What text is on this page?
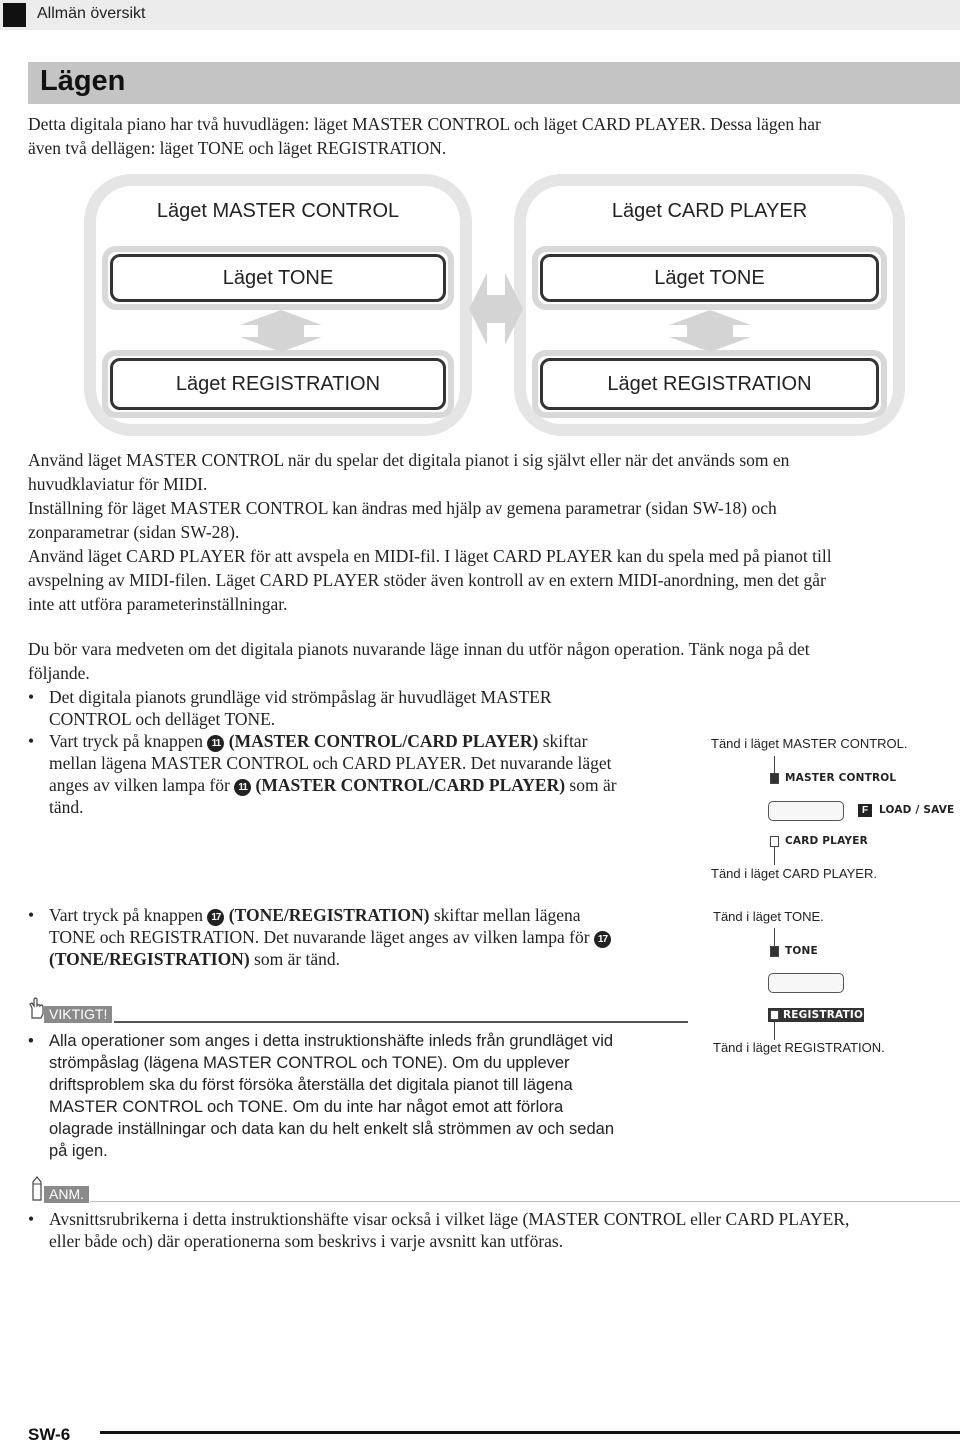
Allmän översikt
Lägen
Detta digitala piano har två huvudlägen: läget MASTER CONTROL och läget CARD PLAYER. Dessa lägen har
även två dellägen: läget TONE och läget REGISTRATION.
Läget MASTER CONTROL	Läget CARD PLAYER
Läget TONE
Läget REGISTRATION
Läget TONE
Läget REGISTRATION
Använd läget MASTER CONTROL när du spelar det digitala pianot i sig självt eller när det används som en
huvudklaviatur för MIDI.
Inställning för läget MASTER CONTROL kan ändras med hjälp av gemena parametrar (sidan SW-18) och
zonparametrar (sidan SW-28).
Använd läget CARD PLAYER för att avspela en MIDI-fil. I läget CARD PLAYER kan du spela med på pianot till
avspelning av MIDI-filen. Läget CARD PLAYER stöder även kontroll av en extern MIDI-anordning, men det går
inte att utföra parameterinställningar.
Du bör vara medveten om det digitala pianots nuvarande läge innan du utför någon operation. Tänk noga på det
följande.
• Det digitala pianots grundläge vid strömpåslag är huvudläget MASTER
CONTROL och delläget TONE.
• Vart tryck på knappen 11 (MASTER CONTROL/CARD PLAYER) skiftar
mellan lägena MASTER CONTROL och CARD PLAYER. Det nuvarande läget
anges av vilken lampa för 11 (MASTER CONTROL/CARD PLAYER) som är
tänd.
Tänd i läget MASTER CONTROL.
MASTER CONTROL
F	LOAD / SAVE
CARD PLAYER
Tänd i läget CARD PLAYER.
• Vart tryck på knappen 17 (TONE/REGISTRATION) skiftar mellan lägena
TONE och REGISTRATION. Det nuvarande läget anges av vilken lampa för 17
(TONE/REGISTRATION) som är tänd.
Tänd i läget TONE.
TONE
REGISTRATION
Tänd i läget REGISTRATION.
VIKTIGT!
• Alla operationer som anges i detta instruktionshäfte inleds från grundläget vid
strömpåslag (lägena MASTER CONTROL och TONE). Om du upplever
driftsproblem ska du först försöka återställa det digitala pianot till lägena
MASTER CONTROL och TONE. Om du inte har något emot att förlora
olagrade inställningar och data kan du helt enkelt slå strömmen av och sedan
på igen.
ANM.
• Avsnittsrubrikerna i detta instruktionshäfte visar också i vilket läge (MASTER CONTROL eller CARD PLAYER,
eller både och) där operationerna som beskrivs i varje avsnitt kan utföras.
SW-6
